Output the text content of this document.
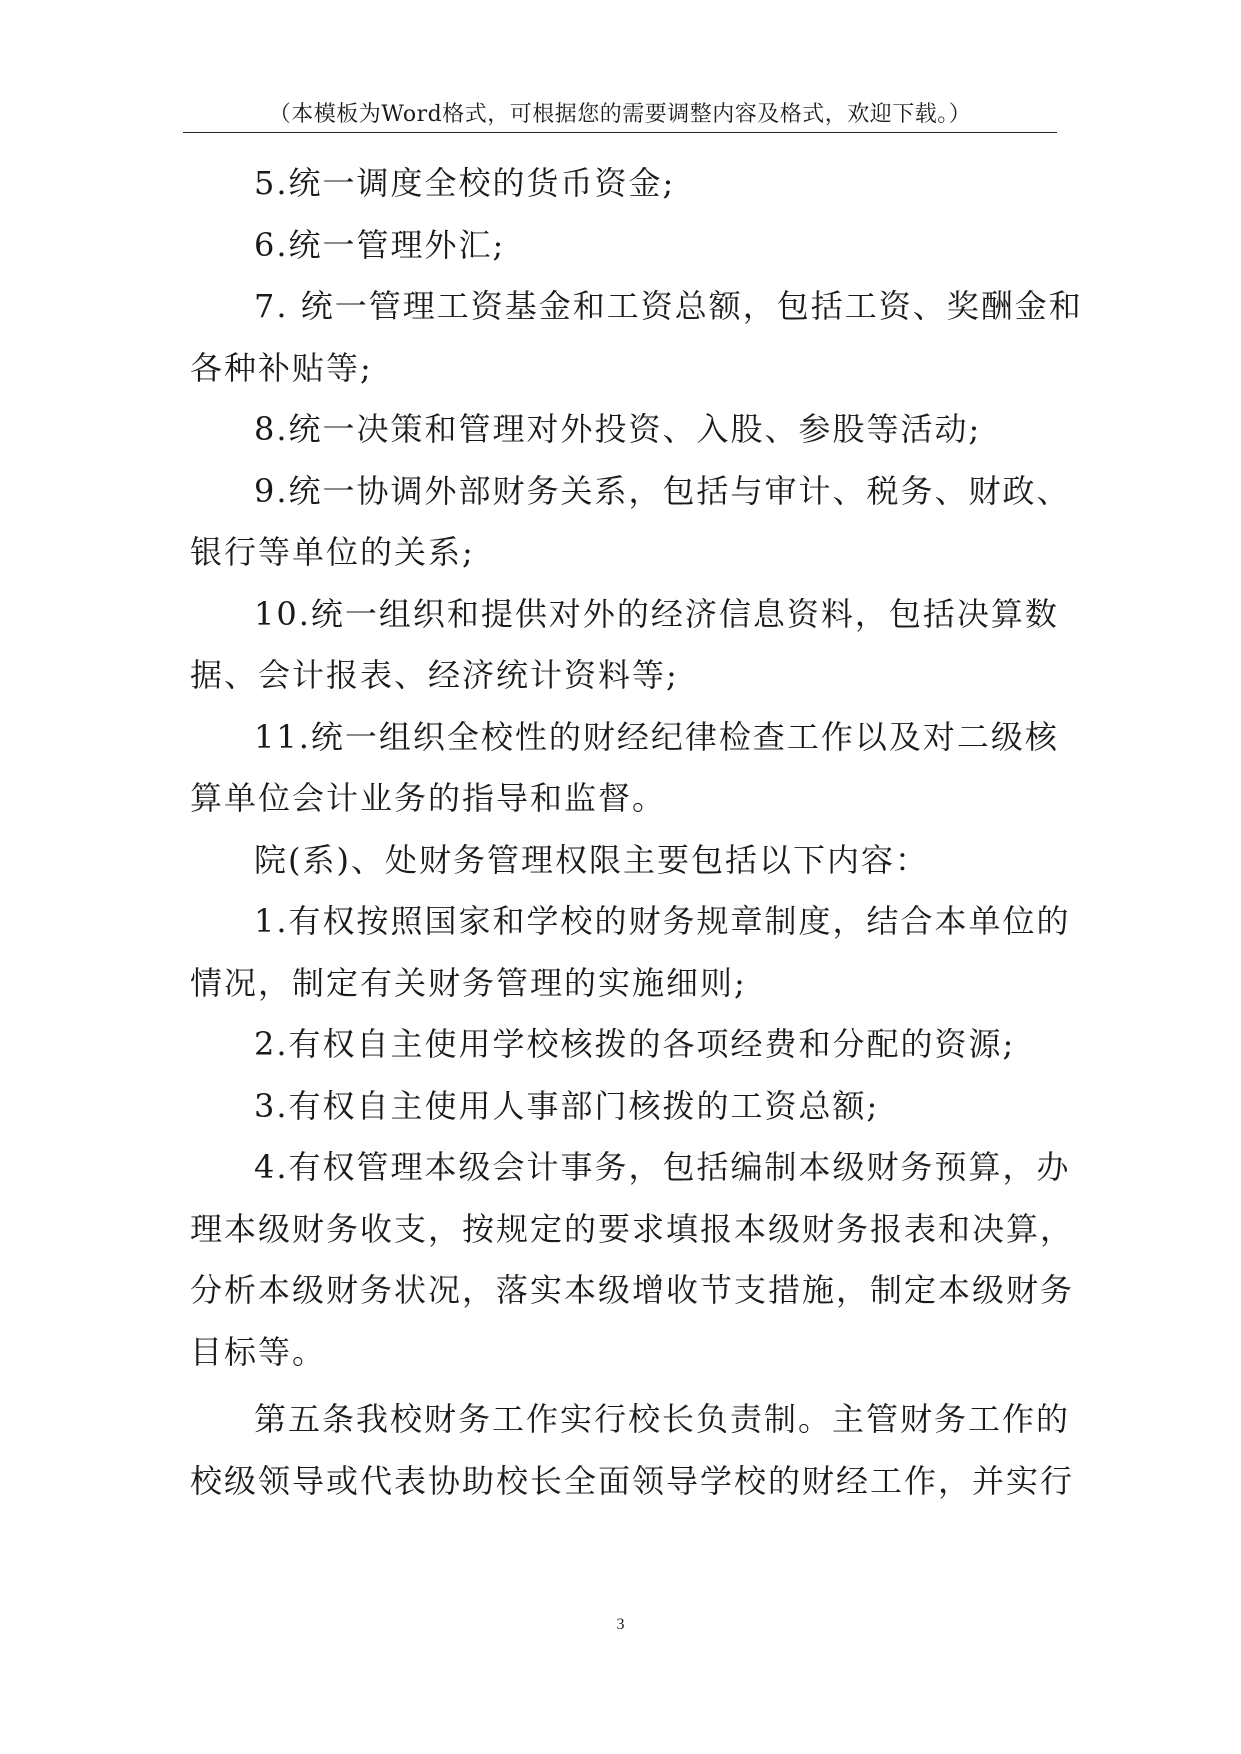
（本模板为Word格式，可根据您的需要调整内容及格式，欢迎下载。）
5.统一调度全校的货币资金;
6.统一管理外汇;
7. 统一管理工资基金和工资总额，包括工资、奖酬金和
各种补贴等;
8.统一决策和管理对外投资、入股、参股等活动;
9.统一协调外部财务关系，包括与审计、税务、财政、
银行等单位的关系;
10.统一组织和提供对外的经济信息资料，包括决算数
据、会计报表、经济统计资料等;
11.统一组织全校性的财经纪律检查工作以及对二级核
算单位会计业务的指导和监督。
院(系)、处财务管理权限主要包括以下内容：
1.有权按照国家和学校的财务规章制度，结合本单位的
情况，制定有关财务管理的实施细则;
2.有权自主使用学校核拨的各项经费和分配的资源;
3.有权自主使用人事部门核拨的工资总额;
4.有权管理本级会计事务，包括编制本级财务预算，办
理本级财务收支，按规定的要求填报本级财务报表和决算，
分析本级财务状况，落实本级增收节支措施，制定本级财务
目标等。
第五条我校财务工作实行校长负责制。主管财务工作的
校级领导或代表协助校长全面领导学校的财经工作，并实行
3
